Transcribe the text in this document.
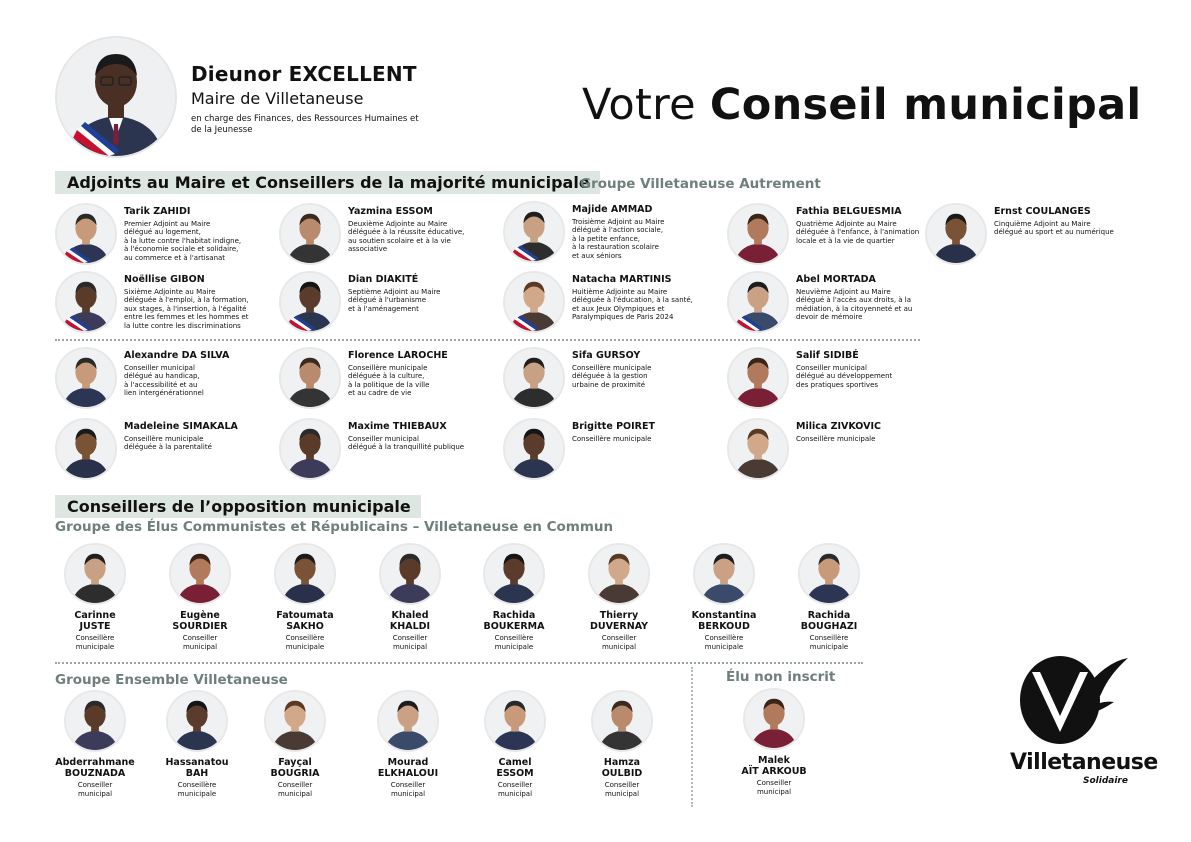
Dieunor EXCELLENT
Maire de Villetaneuse
en charge des Finances, des Ressources Humaines et de la Jeunesse	Votre Conseil municipal
Adjoints au Maire et Conseillers de la majorité municipale
Groupe Villetaneuse Autrement
Tarik ZAHIDI
Premier Adjoint au Maire
délégué au logement,
à la lutte contre l'habitat indigne,
à l'économie sociale et solidaire,
au commerce et à l'artisanat
Yazmina ESSOM
Deuxième Adjointe au Maire
déléguée à la réussite éducative,
au soutien scolaire et à la vie
associative
Majide AMMAD
Troisième Adjoint au Maire
délégué à l'action sociale,
à la petite enfance,
à la restauration scolaire
et aux séniors
Fathia BELGUESMIA
Quatrième Adjointe au Maire
déléguée à l'enfance, à l'animation
locale et à la vie de quartier
Ernst COULANGES
Cinquième Adjoint au Maire
délégué au sport et au numérique
Noëllise GIBON
Sixième Adjointe au Maire
déléguée à l'emploi, à la formation,
aux stages, à l'insertion, à l'égalité
entre les femmes et les hommes et
la lutte contre les discriminations
Dian DIAKITÉ
Septième Adjoint au Maire
délégué à l'urbanisme
et à l'aménagement
Natacha MARTINIS
Huitième Adjointe au Maire
déléguée à l'éducation, à la santé,
et aux Jeux Olympiques et
Paralympiques de Paris 2024
Abel MORTADA
Neuvième Adjoint au Maire
délégué à l'accès aux droits, à la
médiation, à la citoyenneté et au
devoir de mémoire
Alexandre DA SILVA
Conseiller municipal
délégué au handicap,
à l'accessibilité et au
lien intergénérationnel
Florence LAROCHE
Conseillère municipale
déléguée à la culture,
à la politique de la ville
et au cadre de vie
Sifa GURSOY
Conseillère municipale
déléguée à la gestion
urbaine de proximité
Salif SIDIBÉ
Conseiller municipal
délégué au développement
des pratiques sportives
Madeleine SIMAKALA
Conseillère municipale
déléguée à la parentalité
Maxime THIEBAUX
Conseiller municipal
délégué à la tranquillité publique
Brigitte POIRET
Conseillère municipale
Milica ZIVKOVIC
Conseillère municipale
Conseillers de l’opposition municipale
Groupe des Élus Communistes et Républicains – Villetaneuse en Commun
Carinne
JUSTE
Conseillère
municipale
Eugène
SOURDIER
Conseiller
municipal
Fatoumata
SAKHO
Conseillère
municipale
Khaled
KHALDI
Conseiller
municipal
Rachida
BOUKERMA
Conseillère
municipale
Thierry
DUVERNAY
Conseiller
municipal
Konstantina
BERKOUD
Conseillère
municipale
Rachida
BOUGHAZI
Conseillère
municipale
Groupe Ensemble Villetaneuse
Abderrahmane
BOUZNADA
Conseiller
municipal
Hassanatou
BAH
Conseillère
municipale
Fayçal
BOUGRIA
Conseiller
municipal
Mourad
ELKHALOUI
Conseiller
municipal
Camel
ESSOM
Conseiller
municipal
Hamza
OULBID
Conseiller
municipal
Élu non inscrit
Malek
AÏT ARKOUB
Conseiller
municipal
Villetaneuse
Solidaire
